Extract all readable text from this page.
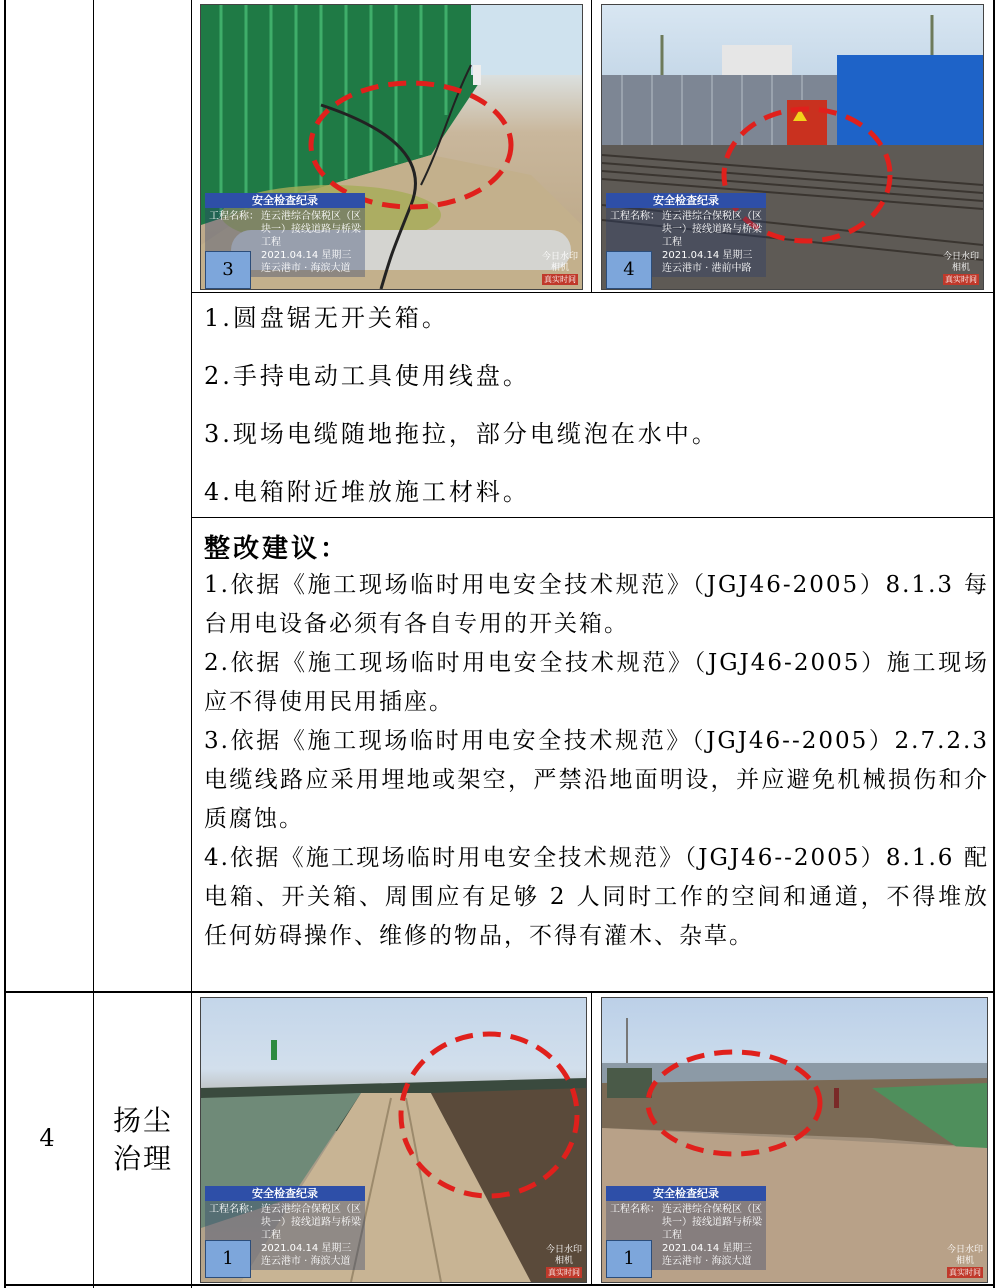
安全检查纪录
工程名称： 连云港综合保税区（区块一）接线道路与桥梁工程
2021.04.14 星期三
连云港市 · 海滨大道
今日水印
相机
真实时间
3
安全检查纪录
工程名称： 连云港综合保税区（区块一）接线道路与桥梁工程
2021.04.14 星期三
连云港市 · 港前中路
今日水印
相机
真实时间
4
1.圆盘锯无开关箱。
2.手持电动工具使用线盘。
3.现场电缆随地拖拉，部分电缆泡在水中。
4.电箱附近堆放施工材料。
整改建议：

1.依据《施工现场临时用电安全技术规范》（JGJ46-2005）8.1.3 每台用电设备必须有各自专用的开关箱。

2.依据《施工现场临时用电安全技术规范》（JGJ46-2005）施工现场应不得使用民用插座。

3.依据《施工现场临时用电安全技术规范》（JGJ46--2005）2.7.2.3 电缆线路应采用埋地或架空，严禁沿地面明设，并应避免机械损伤和介质腐蚀。

4.依据《施工现场临时用电安全技术规范》（JGJ46--2005）8.1.6 配电箱、开关箱、周围应有足够 2 人同时工作的空间和通道，不得堆放任何妨碍操作、维修的物品，不得有灌木、杂草。

4
扬尘
治理
安全检查纪录
工程名称： 连云港综合保税区（区块一）接线道路与桥梁工程
2021.04.14 星期三
连云港市 · 海滨大道
今日水印
相机
真实时间
1
安全检查纪录
工程名称： 连云港综合保税区（区块一）接线道路与桥梁工程
2021.04.14 星期三
连云港市 · 海滨大道
今日水印
相机
真实时间
1
